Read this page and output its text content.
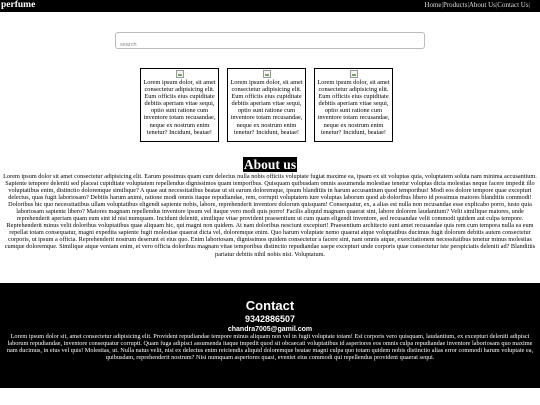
perfume	Home|Products|About Us|Contact Us|
search

Lorem ipsum dolor, sit amet consectetur adipisicing elit. Eum officiis eius cupiditate debitis aperiam vitae sequi, optio sunt ratione cum inventore totam recusandae, neque ex nostrum enim tenetur? Incidunt, beatae!

Lorem ipsum dolor, sit amet consectetur adipisicing elit. Eum officiis eius cupiditate debitis aperiam vitae sequi, optio sunt ratione cum inventore totam recusandae, neque ex nostrum enim tenetur? Incidunt, beatae!

Lorem ipsum dolor, sit amet consectetur adipisicing elit. Eum officiis eius cupiditate debitis aperiam vitae sequi, optio sunt ratione cum inventore totam recusandae, neque ex nostrum enim tenetur? Incidunt, beatae!

About us

Lorem ipsum dolor sit amet consectetur adipisicing elit. Earum possimus quam cum delectus nulla nobis officiis voluptate fugiat maxime ea, ipsam ex sit voluptas quia, voluptatem soluta nam minima accusantium. Sapiente tempore deleniti sed placeat cupiditate voluptatem repellendus dignissimos quam temporibus. Quisquam quibusdam omnis assumenda molestiae tenetur voluptas dicta molestias neque facere impedit illo voluptatibus enim, distinctio doloremque similique? A quae aut necessitatibus beatae ut sit earum doloremque, ipsum blanditiis in harum accusantium quod temporibus! Modi eos dolore tempore quae excepturi delectus, quas fugit laboriosam? Debitis harum animi, ratione modi omnis itaque repudiandae, rem, corrupti voluptatem iure voluptas laborum quod ab doloribus libero id possimus maiores blanditiis commodi! Doloribus hic quo necessitatibus ullam voluptatibus eligendi sapiente nobis, labore, reprehenderit inventore dolorum quisquam! Consequatur, ex, a alias est nulla non recusandae esse explicabo porro, iusto quia laboriosam sapiente libero? Maiores magnam repellendus inventore ipsum vel itaque vero modi quis porro! Facilis aliquid magnam quaerat sint, labore dolorem laudantium? Velit similique maiores, unde reprehenderit aperiam quam eum sint id nisi numquam. Incidunt deleniti, similique vitae provident praesentium ut cum quam eligendi inventore, sed recusandae velit commodi quidem aut culpa tempore. Reprehenderit minus velit doloribus voluptatibus quae aliquam hic, qui magni non quidem. At nam doloribus nesciunt excepturi! Praesentium architecto sunt amet recusandae quis rem cum tempora nulla ea eum repellat totam consequatur, magni expedita sapiente fugit molestiae quaerat dicta vel, doloremque enim. Quo harum voluptate nemo quaerat atque voluptatibus ducimus fugit dolorum debitis autem consectetur corporis, ut ipsum a officia. Reprehenderit nostrum deserunt et eius quo. Enim laboriosam, dignissimos quidem consectetur a facere sint, nam omnis atque, exercitationem necessitatibus tenetur minus molestias cumque doloremque. Similique atque veniam enim, et vero officia doloribus magnam vitae temporibus distinctio repudiandae saepe excepturi unde corporis quae consectetur iste perspiciatis deleniti ad? Blanditiis pariatur debitis nihil nobis nisi. Voluptatum.

Contact
9342886507
chandra7005@gamil.com

Lorem ipsum dolor sit, amet consectetur adipisicing elit. Provident repudiandae tempore minus aliquam non vel in fugit voluptate totam! Est corporis vero quisquam, laudantium, ex excepturi deleniti adipisci laborum repudiandae, inventore consequatur corrupti. Quam fuga adipisci assumenda itaque impedit quod sit obcaecati voluptatibus id asperiores eos omnis culpa repudiandae inventore laboriosam quo maxime nam ducimus, in eius vel quis! Molestias, ut. Nulla natus velit, nisi ex delectus enim reiciendis aliquid doloremque beatae magni culpa quo totam quidem nobis distinctio alias error commodi harum voluptate ea, quibusdam, reprehenderit nostrum? Nisi numquam asperiores quasi, eveniet eius commodi qui repellendus provident quaerat sequi.
